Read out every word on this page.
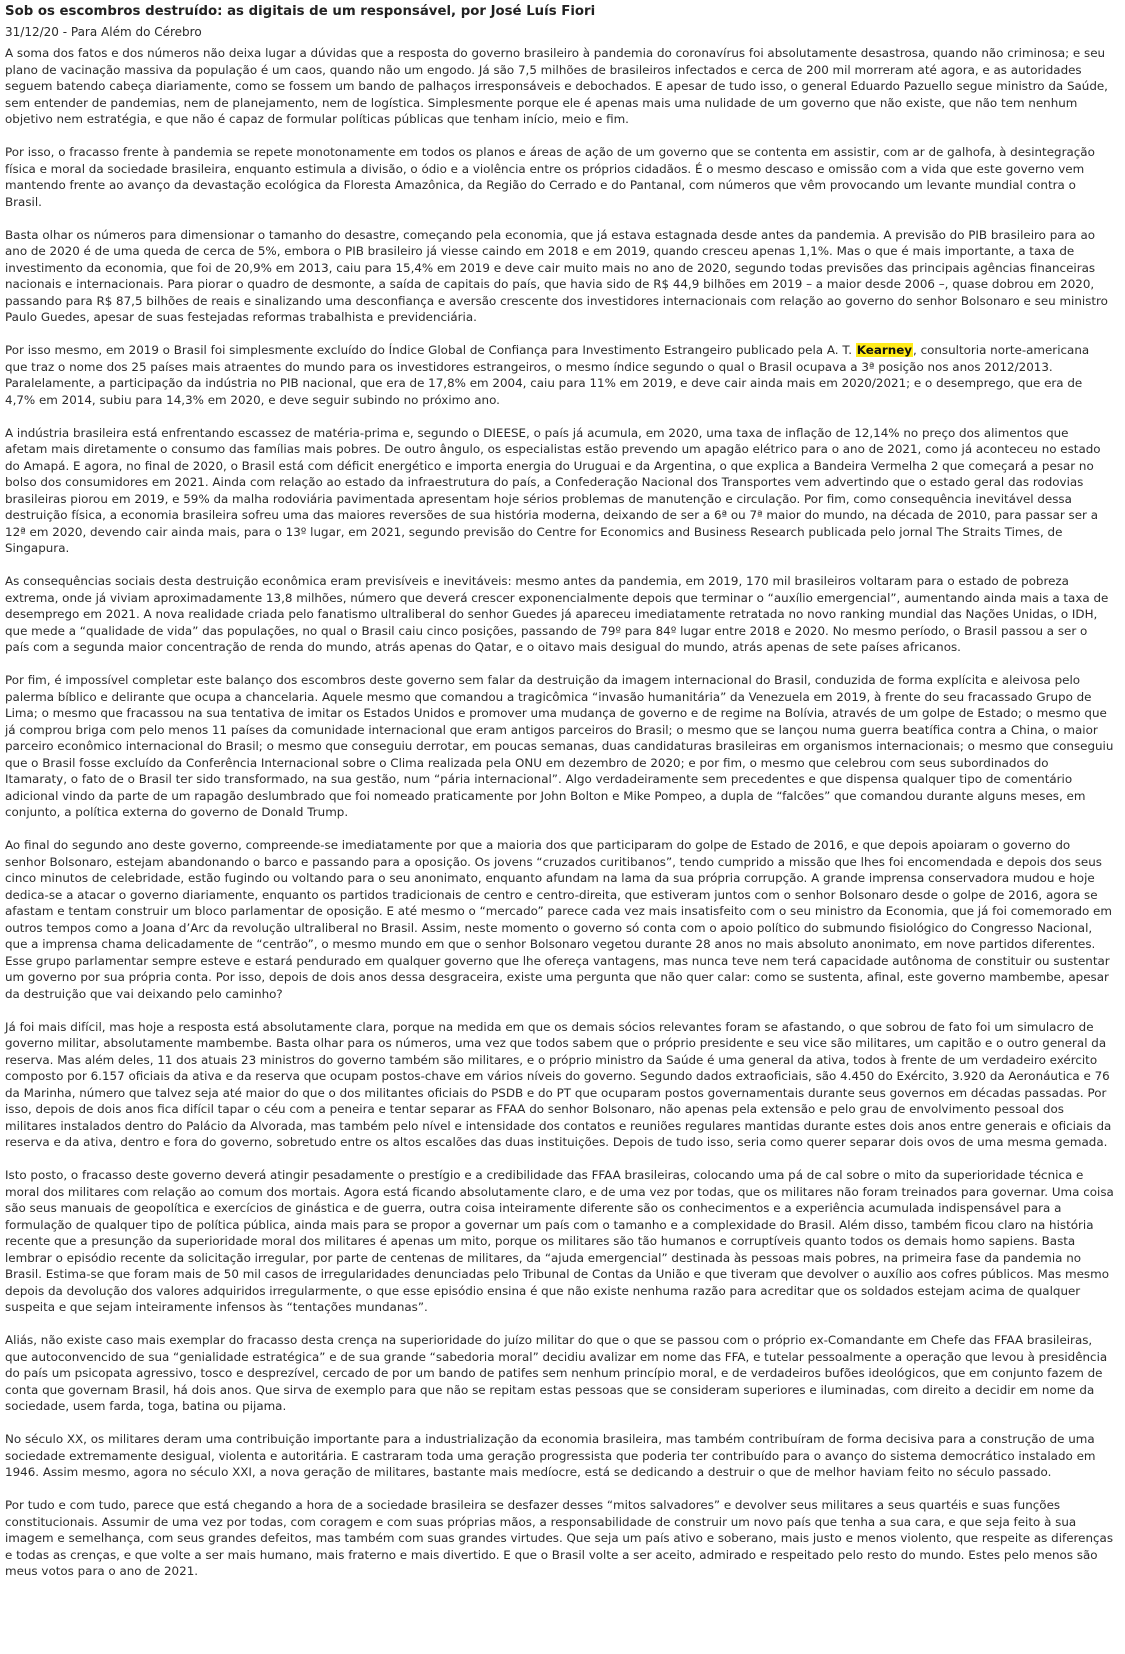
Sob os escombros destruído: as digitais de um responsável, por José Luís Fiori
31/12/20 - Para Além do Cérebro

A soma dos fatos e dos números não deixa lugar a dúvidas que a resposta do governo brasileiro à pandemia do coronavírus foi absolutamente desastrosa, quando não criminosa; e seu plano de vacinação massiva da população é um caos, quando não um engodo. Já são 7,5 milhões de brasileiros infectados e cerca de 200 mil morreram até agora, e as autoridades seguem batendo cabeça diariamente, como se fossem um bando de palhaços irresponsáveis e debochados. E apesar de tudo isso, o general Eduardo Pazuello segue ministro da Saúde, sem entender de pandemias, nem de planejamento, nem de logística. Simplesmente porque ele é apenas mais uma nulidade de um governo que não existe, que não tem nenhum objetivo nem estratégia, e que não é capaz de formular políticas públicas que tenham início, meio e fim.

Por isso, o fracasso frente à pandemia se repete monotonamente em todos os planos e áreas de ação de um governo que se contenta em assistir, com ar de galhofa, à desintegração física e moral da sociedade brasileira, enquanto estimula a divisão, o ódio e a violência entre os próprios cidadãos. É o mesmo descaso e omissão com a vida que este governo vem mantendo frente ao avanço da devastação ecológica da Floresta Amazônica, da Região do Cerrado e do Pantanal, com números que vêm provocando um levante mundial contra o Brasil.

Basta olhar os números para dimensionar o tamanho do desastre, começando pela economia, que já estava estagnada desde antes da pandemia. A previsão do PIB brasileiro para ao ano de 2020 é de uma queda de cerca de 5%, embora o PIB brasileiro já viesse caindo em 2018 e em 2019, quando cresceu apenas 1,1%. Mas o que é mais importante, a taxa de investimento da economia, que foi de 20,9% em 2013, caiu para 15,4% em 2019 e deve cair muito mais no ano de 2020, segundo todas previsões das principais agências financeiras nacionais e internacionais. Para piorar o quadro de desmonte, a saída de capitais do país, que havia sido de R$ 44,9 bilhões em 2019 – a maior desde 2006 –, quase dobrou em 2020, passando para R$ 87,5 bilhões de reais e sinalizando uma desconfiança e aversão crescente dos investidores internacionais com relação ao governo do senhor Bolsonaro e seu ministro Paulo Guedes, apesar de suas festejadas reformas trabalhista e previdenciária.

Por isso mesmo, em 2019 o Brasil foi simplesmente excluído do Índice Global de Confiança para Investimento Estrangeiro publicado pela A. T. Kearney, consultoria norte-americana que traz o nome dos 25 países mais atraentes do mundo para os investidores estrangeiros, o mesmo índice segundo o qual o Brasil ocupava a 3ª posição nos anos 2012/2013. Paralelamente, a participação da indústria no PIB nacional, que era de 17,8% em 2004, caiu para 11% em 2019, e deve cair ainda mais em 2020/2021; e o desemprego, que era de 4,7% em 2014, subiu para 14,3% em 2020, e deve seguir subindo no próximo ano.

A indústria brasileira está enfrentando escassez de matéria-prima e, segundo o DIEESE, o país já acumula, em 2020, uma taxa de inflação de 12,14% no preço dos alimentos que afetam mais diretamente o consumo das famílias mais pobres. De outro ângulo, os especialistas estão prevendo um apagão elétrico para o ano de 2021, como já aconteceu no estado do Amapá. E agora, no final de 2020, o Brasil está com déficit energético e importa energia do Uruguai e da Argentina, o que explica a Bandeira Vermelha 2 que começará a pesar no bolso dos consumidores em 2021. Ainda com relação ao estado da infraestrutura do país, a Confederação Nacional dos Transportes vem advertindo que o estado geral das rodovias brasileiras piorou em 2019, e 59% da malha rodoviária pavimentada apresentam hoje sérios problemas de manutenção e circulação. Por fim, como consequência inevitável dessa destruição física, a economia brasileira sofreu uma das maiores reversões de sua história moderna, deixando de ser a 6ª ou 7ª maior do mundo, na década de 2010, para passar ser a 12ª em 2020, devendo cair ainda mais, para o 13º lugar, em 2021, segundo previsão do Centre for Economics and Business Research publicada pelo jornal The Straits Times, de Singapura.

As consequências sociais desta destruição econômica eram previsíveis e inevitáveis: mesmo antes da pandemia, em 2019, 170 mil brasileiros voltaram para o estado de pobreza extrema, onde já viviam aproximadamente 13,8 milhões, número que deverá crescer exponencialmente depois que terminar o “auxílio emergencial”, aumentando ainda mais a taxa de desemprego em 2021. A nova realidade criada pelo fanatismo ultraliberal do senhor Guedes já apareceu imediatamente retratada no novo ranking mundial das Nações Unidas, o IDH, que mede a “qualidade de vida” das populações, no qual o Brasil caiu cinco posições, passando de 79º para 84º lugar entre 2018 e 2020. No mesmo período, o Brasil passou a ser o país com a segunda maior concentração de renda do mundo, atrás apenas do Qatar, e o oitavo mais desigual do mundo, atrás apenas de sete países africanos.

Por fim, é impossível completar este balanço dos escombros deste governo sem falar da destruição da imagem internacional do Brasil, conduzida de forma explícita e aleivosa pelo palerma bíblico e delirante que ocupa a chancelaria. Aquele mesmo que comandou a tragicômica “invasão humanitária” da Venezuela em 2019, à frente do seu fracassado Grupo de Lima; o mesmo que fracassou na sua tentativa de imitar os Estados Unidos e promover uma mudança de governo e de regime na Bolívia, através de um golpe de Estado; o mesmo que já comprou briga com pelo menos 11 países da comunidade internacional que eram antigos parceiros do Brasil; o mesmo que se lançou numa guerra beatífica contra a China, o maior parceiro econômico internacional do Brasil; o mesmo que conseguiu derrotar, em poucas semanas, duas candidaturas brasileiras em organismos internacionais; o mesmo que conseguiu que o Brasil fosse excluído da Conferência Internacional sobre o Clima realizada pela ONU em dezembro de 2020; e por fim, o mesmo que celebrou com seus subordinados do Itamaraty, o fato de o Brasil ter sido transformado, na sua gestão, num “pária internacional”. Algo verdadeiramente sem precedentes e que dispensa qualquer tipo de comentário adicional vindo da parte de um rapagão deslumbrado que foi nomeado praticamente por John Bolton e Mike Pompeo, a dupla de “falcões” que comandou durante alguns meses, em conjunto, a política externa do governo de Donald Trump.

Ao final do segundo ano deste governo, compreende-se imediatamente por que a maioria dos que participaram do golpe de Estado de 2016, e que depois apoiaram o governo do senhor Bolsonaro, estejam abandonando o barco e passando para a oposição. Os jovens “cruzados curitibanos”, tendo cumprido a missão que lhes foi encomendada e depois dos seus cinco minutos de celebridade, estão fugindo ou voltando para o seu anonimato, enquanto afundam na lama da sua própria corrupção. A grande imprensa conservadora mudou e hoje dedica-se a atacar o governo diariamente, enquanto os partidos tradicionais de centro e centro-direita, que estiveram juntos com o senhor Bolsonaro desde o golpe de 2016, agora se afastam e tentam construir um bloco parlamentar de oposição. E até mesmo o “mercado” parece cada vez mais insatisfeito com o seu ministro da Economia, que já foi comemorado em outros tempos como a Joana d’Arc da revolução ultraliberal no Brasil. Assim, neste momento o governo só conta com o apoio político do submundo fisiológico do Congresso Nacional, que a imprensa chama delicadamente de “centrão”, o mesmo mundo em que o senhor Bolsonaro vegetou durante 28 anos no mais absoluto anonimato, em nove partidos diferentes. Esse grupo parlamentar sempre esteve e estará pendurado em qualquer governo que lhe ofereça vantagens, mas nunca teve nem terá capacidade autônoma de constituir ou sustentar um governo por sua própria conta. Por isso, depois de dois anos dessa desgraceira, existe uma pergunta que não quer calar: como se sustenta, afinal, este governo mambembe, apesar da destruição que vai deixando pelo caminho?

Já foi mais difícil, mas hoje a resposta está absolutamente clara, porque na medida em que os demais sócios relevantes foram se afastando, o que sobrou de fato foi um simulacro de governo militar, absolutamente mambembe. Basta olhar para os números, uma vez que todos sabem que o próprio presidente e seu vice são militares, um capitão e o outro general da reserva. Mas além deles, 11 dos atuais 23 ministros do governo também são militares, e o próprio ministro da Saúde é uma general da ativa, todos à frente de um verdadeiro exército composto por 6.157 oficiais da ativa e da reserva que ocupam postos-chave em vários níveis do governo. Segundo dados extraoficiais, são 4.450 do Exército, 3.920 da Aeronáutica e 76 da Marinha, número que talvez seja até maior do que o dos militantes oficiais do PSDB e do PT que ocuparam postos governamentais durante seus governos em décadas passadas. Por isso, depois de dois anos fica difícil tapar o céu com a peneira e tentar separar as FFAA do senhor Bolsonaro, não apenas pela extensão e pelo grau de envolvimento pessoal dos militares instalados dentro do Palácio da Alvorada, mas também pelo nível e intensidade dos contatos e reuniões regulares mantidas durante estes dois anos entre generais e oficiais da reserva e da ativa, dentro e fora do governo, sobretudo entre os altos escalões das duas instituições. Depois de tudo isso, seria como querer separar dois ovos de uma mesma gemada.

Isto posto, o fracasso deste governo deverá atingir pesadamente o prestígio e a credibilidade das FFAA brasileiras, colocando uma pá de cal sobre o mito da superioridade técnica e moral dos militares com relação ao comum dos mortais. Agora está ficando absolutamente claro, e de uma vez por todas, que os militares não foram treinados para governar. Uma coisa são seus manuais de geopolítica e exercícios de ginástica e de guerra, outra coisa inteiramente diferente são os conhecimentos e a experiência acumulada indispensável para a formulação de qualquer tipo de política pública, ainda mais para se propor a governar um país com o tamanho e a complexidade do Brasil. Além disso, também ficou claro na história recente que a presunção da superioridade moral dos militares é apenas um mito, porque os militares são tão humanos e corruptíveis quanto todos os demais homo sapiens. Basta lembrar o episódio recente da solicitação irregular, por parte de centenas de militares, da “ajuda emergencial” destinada às pessoas mais pobres, na primeira fase da pandemia no Brasil. Estima-se que foram mais de 50 mil casos de irregularidades denunciadas pelo Tribunal de Contas da União e que tiveram que devolver o auxílio aos cofres públicos. Mas mesmo depois da devolução dos valores adquiridos irregularmente, o que esse episódio ensina é que não existe nenhuma razão para acreditar que os soldados estejam acima de qualquer suspeita e que sejam inteiramente infensos às “tentações mundanas”.

Aliás, não existe caso mais exemplar do fracasso desta crença na superioridade do juízo militar do que o que se passou com o próprio ex-Comandante em Chefe das FFAA brasileiras, que autoconvencido de sua “genialidade estratégica” e de sua grande “sabedoria moral” decidiu avalizar em nome das FFA, e tutelar pessoalmente a operação que levou à presidência do país um psicopata agressivo, tosco e desprezível, cercado de por um bando de patifes sem nenhum princípio moral, e de verdadeiros bufões ideológicos, que em conjunto fazem de conta que governam Brasil, há dois anos. Que sirva de exemplo para que não se repitam estas pessoas que se consideram superiores e iluminadas, com direito a decidir em nome da sociedade, usem farda, toga, batina ou pijama.

No século XX, os militares deram uma contribuição importante para a industrialização da economia brasileira, mas também contribuíram de forma decisiva para a construção de uma sociedade extremamente desigual, violenta e autoritária. E castraram toda uma geração progressista que poderia ter contribuído para o avanço do sistema democrático instalado em 1946. Assim mesmo, agora no século XXI, a nova geração de militares, bastante mais medíocre, está se dedicando a destruir o que de melhor haviam feito no século passado.

Por tudo e com tudo, parece que está chegando a hora de a sociedade brasileira se desfazer desses “mitos salvadores” e devolver seus militares a seus quartéis e suas funções constitucionais. Assumir de uma vez por todas, com coragem e com suas próprias mãos, a responsabilidade de construir um novo país que tenha a sua cara, e que seja feito à sua imagem e semelhança, com seus grandes defeitos, mas também com suas grandes virtudes. Que seja um país ativo e soberano, mais justo e menos violento, que respeite as diferenças e todas as crenças, e que volte a ser mais humano, mais fraterno e mais divertido. E que o Brasil volte a ser aceito, admirado e respeitado pelo resto do mundo. Estes pelo menos são meus votos para o ano de 2021.
